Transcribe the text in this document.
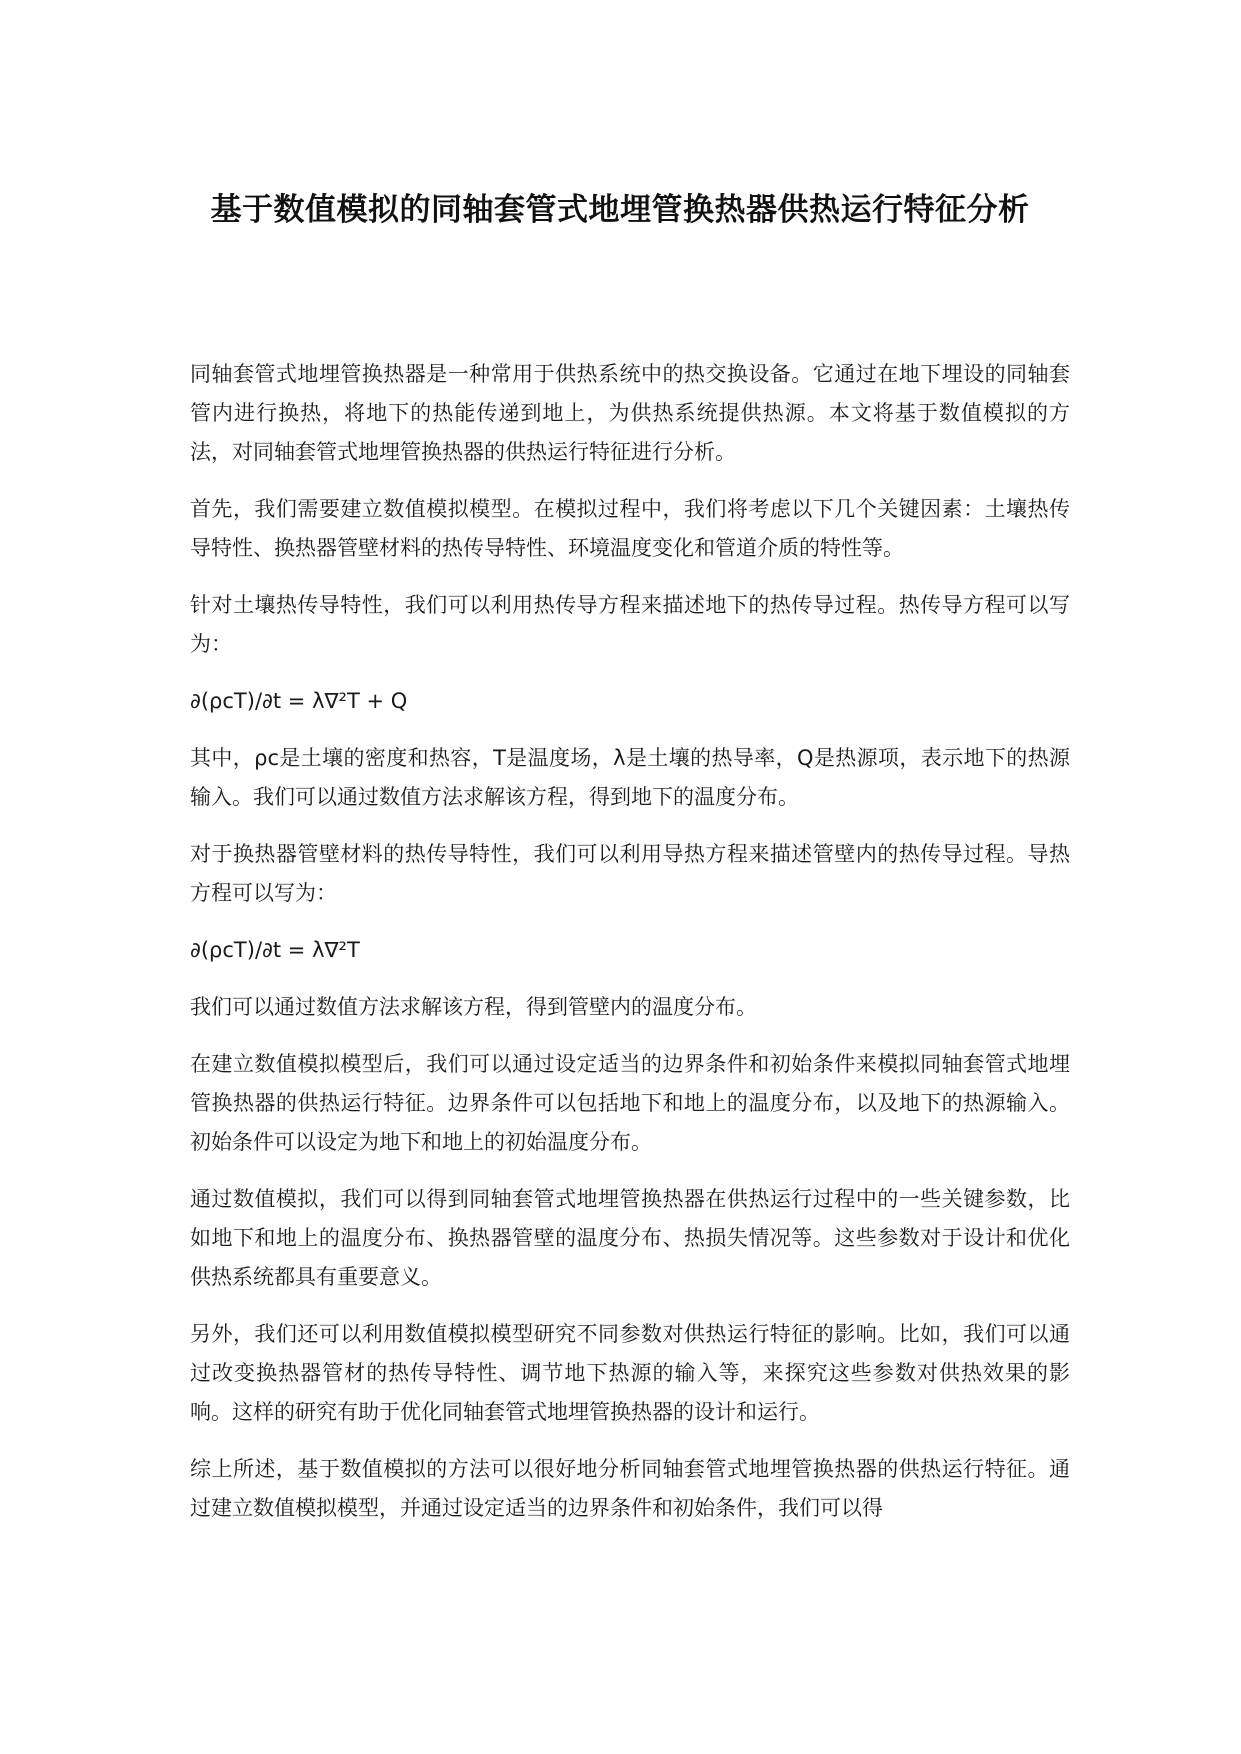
基于数值模拟的同轴套管式地埋管换热器供热运行特征分析

同轴套管式地埋管换热器是一种常用于供热系统中的热交换设备。它通过在地下埋设的同轴套管内进行换热，将地下的热能传递到地上，为供热系统提供热源。本文将基于数值模拟的方法，对同轴套管式地埋管换热器的供热运行特征进行分析。

首先，我们需要建立数值模拟模型。在模拟过程中，我们将考虑以下几个关键因素：土壤热传导特性、换热器管壁材料的热传导特性、环境温度变化和管道介质的特性等。

针对土壤热传导特性，我们可以利用热传导方程来描述地下的热传导过程。热传导方程可以写为：

∂(ρcT)/∂t = λ∇²T + Q

其中，ρc是土壤的密度和热容，T是温度场，λ是土壤的热导率，Q是热源项，表示地下的热源输入。我们可以通过数值方法求解该方程，得到地下的温度分布。

对于换热器管壁材料的热传导特性，我们可以利用导热方程来描述管壁内的热传导过程。导热方程可以写为：

∂(ρcT)/∂t = λ∇²T

我们可以通过数值方法求解该方程，得到管壁内的温度分布。

在建立数值模拟模型后，我们可以通过设定适当的边界条件和初始条件来模拟同轴套管式地埋管换热器的供热运行特征。边界条件可以包括地下和地上的温度分布，以及地下的热源输入。初始条件可以设定为地下和地上的初始温度分布。

通过数值模拟，我们可以得到同轴套管式地埋管换热器在供热运行过程中的一些关键参数，比如地下和地上的温度分布、换热器管壁的温度分布、热损失情况等。这些参数对于设计和优化供热系统都具有重要意义。

另外，我们还可以利用数值模拟模型研究不同参数对供热运行特征的影响。比如，我们可以通过改变换热器管材的热传导特性、调节地下热源的输入等，来探究这些参数对供热效果的影响。这样的研究有助于优化同轴套管式地埋管换热器的设计和运行。

综上所述，基于数值模拟的方法可以很好地分析同轴套管式地埋管换热器的供热运行特征。通过建立数值模拟模型，并通过设定适当的边界条件和初始条件，我们可以得
